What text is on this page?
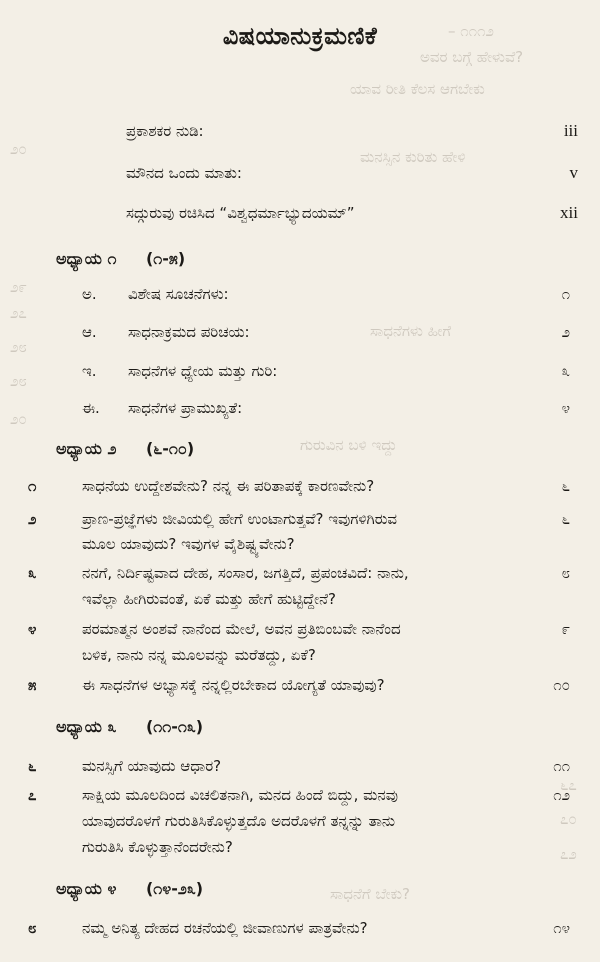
– ೧೧೧೨
ಅವರ ಬಗ್ಗೆ ಹೇಳುವೆ?
ಯಾವ ರೀತಿ ಕೆಲಸ ಆಗಬೇಕು
೨೦	ಮನಸ್ಸಿನ ಕುರಿತು ಹೇಳಿ
೨೯
೨೭
೨೮
ಸಾಧನೆಗಳು ಹೀಗೆ
೨೮
೨೦
ಗುರುವಿನ ಬಳಿ ಇದ್ದು
೬೭
೭೦
೭೨
ಸಾಧನೆಗೆ ಬೇಕು?
ವಿಷಯಾನುಕ್ರಮಣಿಕೆ
ಪ್ರಕಾಶಕರ ನುಡಿ:	iii
ಮೌನದ ಒಂದು ಮಾತು:	v
ಸದ್ಗುರುವು ರಚಿಸಿದ “ವಿಶ್ವಧರ್ಮಾಭ್ಯುದಯಮ್”	xii
ಅಧ್ಯಾಯ ೧ (೧-೫)
ಅ. ವಿಶೇಷ ಸೂಚನೆಗಳು:	೧
ಆ. ಸಾಧನಾಕ್ರಮದ ಪರಿಚಯ:	೨
ಇ. ಸಾಧನೆಗಳ ಧ್ಯೇಯ ಮತ್ತು ಗುರಿ:	೩
ಈ. ಸಾಧನೆಗಳ ಪ್ರಾಮುಖ್ಯತೆ:	೪
ಅಧ್ಯಾಯ ೨ (೬-೧೦)
೧	ಸಾಧನೆಯ ಉದ್ದೇಶವೇನು? ನನ್ನ ಈ ಪರಿತಾಪಕ್ಕೆ ಕಾರಣವೇನು?	೬
೨	ಪ್ರಾಣ-ಪ್ರಜ್ಞೆಗಳು ಜೀವಿಯಲ್ಲಿ ಹೇಗೆ ಉಂಟಾಗುತ್ತವೆ? ಇವುಗಳಿಗಿರುವ	೬
ಮೂಲ ಯಾವುದು? ಇವುಗಳ ವೈಶಿಷ್ಟ್ಯವೇನು?
೩	ನನಗೆ, ನಿರ್ದಿಷ್ಟವಾದ ದೇಹ, ಸಂಸಾರ, ಜಗತ್ತಿದೆ, ಪ್ರಪಂಚವಿದೆ: ನಾನು,	೮
ಇವೆಲ್ಲಾ ಹೀಗಿರುವಂತೆ, ಏಕೆ ಮತ್ತು ಹೇಗೆ ಹುಟ್ಟಿದ್ದೇನೆ?
೪	ಪರಮಾತ್ಮನ ಅಂಶವೆ ನಾನೆಂದ ಮೇಲೆ, ಅವನ ಪ್ರತಿಬಿಂಬವೇ ನಾನೆಂದ	೯
ಬಳಿಕ, ನಾನು ನನ್ನ ಮೂಲವನ್ನು ಮರೆತದ್ದು, ಏಕೆ?
೫	ಈ ಸಾಧನೆಗಳ ಅಭ್ಯಾಸಕ್ಕೆ ನನ್ನಲ್ಲಿರಬೇಕಾದ ಯೋಗ್ಯತೆ ಯಾವುವು?	೧೦
ಅಧ್ಯಾಯ ೩ (೧೧-೧೩)
೬	ಮನಸ್ಸಿಗೆ ಯಾವುದು ಆಧಾರ?	೧೧
೭	ಸಾಕ್ಷಿಯ ಮೂಲದಿಂದ ವಿಚಲಿತನಾಗಿ, ಮನದ ಹಿಂದೆ ಬಿದ್ದು, ಮನವು	೧೨
ಯಾವುದರೊಳಗೆ ಗುರುತಿಸಿಕೊಳ್ಳುತ್ತದೊ ಅದರೊಳಗೆ ತನ್ನನ್ನು ತಾನು
ಗುರುತಿಸಿ ಕೊಳ್ಳುತ್ತಾನೆಂದರೇನು?
ಅಧ್ಯಾಯ ೪ (೧೪-೨೩)
೮	ನಮ್ಮ ಅನಿತ್ಯ ದೇಹದ ರಚನೆಯಲ್ಲಿ ಜೀವಾಣುಗಳ ಪಾತ್ರವೇನು?	೧೪
